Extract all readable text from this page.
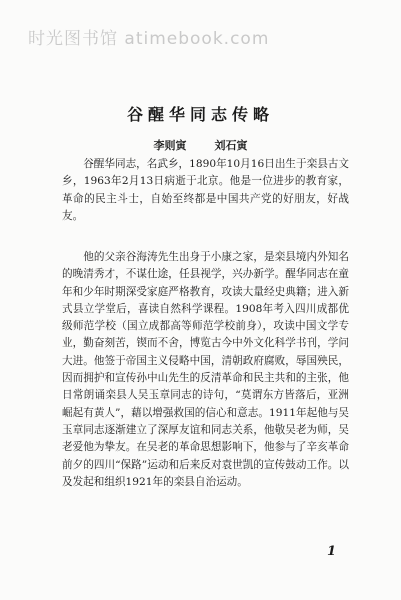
时光图书馆 atimebook.com
谷醒华同志传略
李则寅	刘石寅

谷醒华同志，名武乡，1890年10月16日出生于栾县古文乡，1963年2月13日病逝于北京。他是一位进步的教育家，革命的民主斗士，自始至终都是中国共产党的好朋友，好战友。

他的父亲谷海涛先生出身于小康之家，是栾县境内外知名的晚清秀才，不谋仕途，任县视学，兴办新学。醒华同志在童年和少年时期深受家庭严格教育，攻读大量经史典籍；进入新式县立学堂后，喜读自然科学课程。1908年考入四川成都优级师范学校（国立成都高等师范学校前身），攻读中国文学专业，勤奋刻苦，锲而不舍，博览古今中外文化科学书刊，学问大进。他签于帝国主义侵略中国，清朝政府腐败，辱国殃民，因而拥护和宣传孙中山先生的反清革命和民主共和的主张，他日常朗诵栾县人吴玉章同志的诗句，“莫谓东方皆落后，亚洲崛起有黄人”，藉以增强救国的信心和意志。1911年起他与吴玉章同志逐渐建立了深厚友谊和同志关系，他敬吴老为师，吴老爱他为挚友。在吴老的革命思想影响下，他参与了辛亥革命前夕的四川“保路”运动和后来反对袁世凯的宣传鼓动工作。以及发起和组织1921年的栾县自治运动。

1
